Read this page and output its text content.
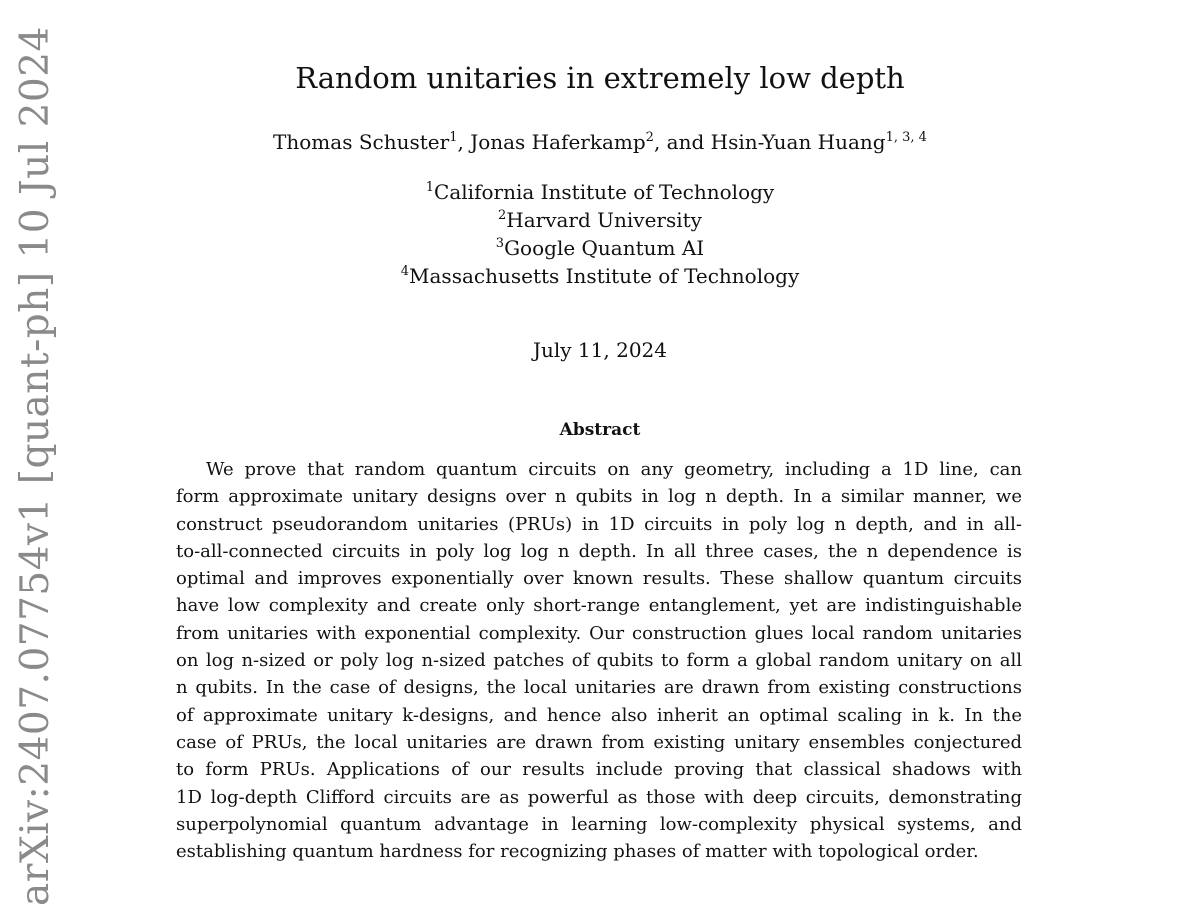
arXiv:2407.07754v1 [quant-ph] 10 Jul 2024	Random unitaries in extremely low depth
Thomas Schuster$^1$, Jonas Haferkamp$^2$, and Hsin-Yuan Huang$^{1, 3, 4}$
$^1$California Institute of Technology
$^2$Harvard University
$^3$Google Quantum AI
$^4$Massachusetts Institute of Technology
July 11, 2024
Abstract
We prove that random quantum circuits on any geometry, including a 1D line, can
form approximate unitary designs over n qubits in log n depth. In a similar manner, we
construct pseudorandom unitaries (PRUs) in 1D circuits in poly log n depth, and in all-
to-all-connected circuits in poly log log n depth. In all three cases, the n dependence is
optimal and improves exponentially over known results. These shallow quantum circuits
have low complexity and create only short-range entanglement, yet are indistinguishable
from unitaries with exponential complexity. Our construction glues local random unitaries
on log n-sized or poly log n-sized patches of qubits to form a global random unitary on all
n qubits. In the case of designs, the local unitaries are drawn from existing constructions
of approximate unitary k-designs, and hence also inherit an optimal scaling in k. In the
case of PRUs, the local unitaries are drawn from existing unitary ensembles conjectured
to form PRUs. Applications of our results include proving that classical shadows with
1D log-depth Clifford circuits are as powerful as those with deep circuits, demonstrating
superpolynomial quantum advantage in learning low-complexity physical systems, and
establishing quantum hardness for recognizing phases of matter with topological order.
